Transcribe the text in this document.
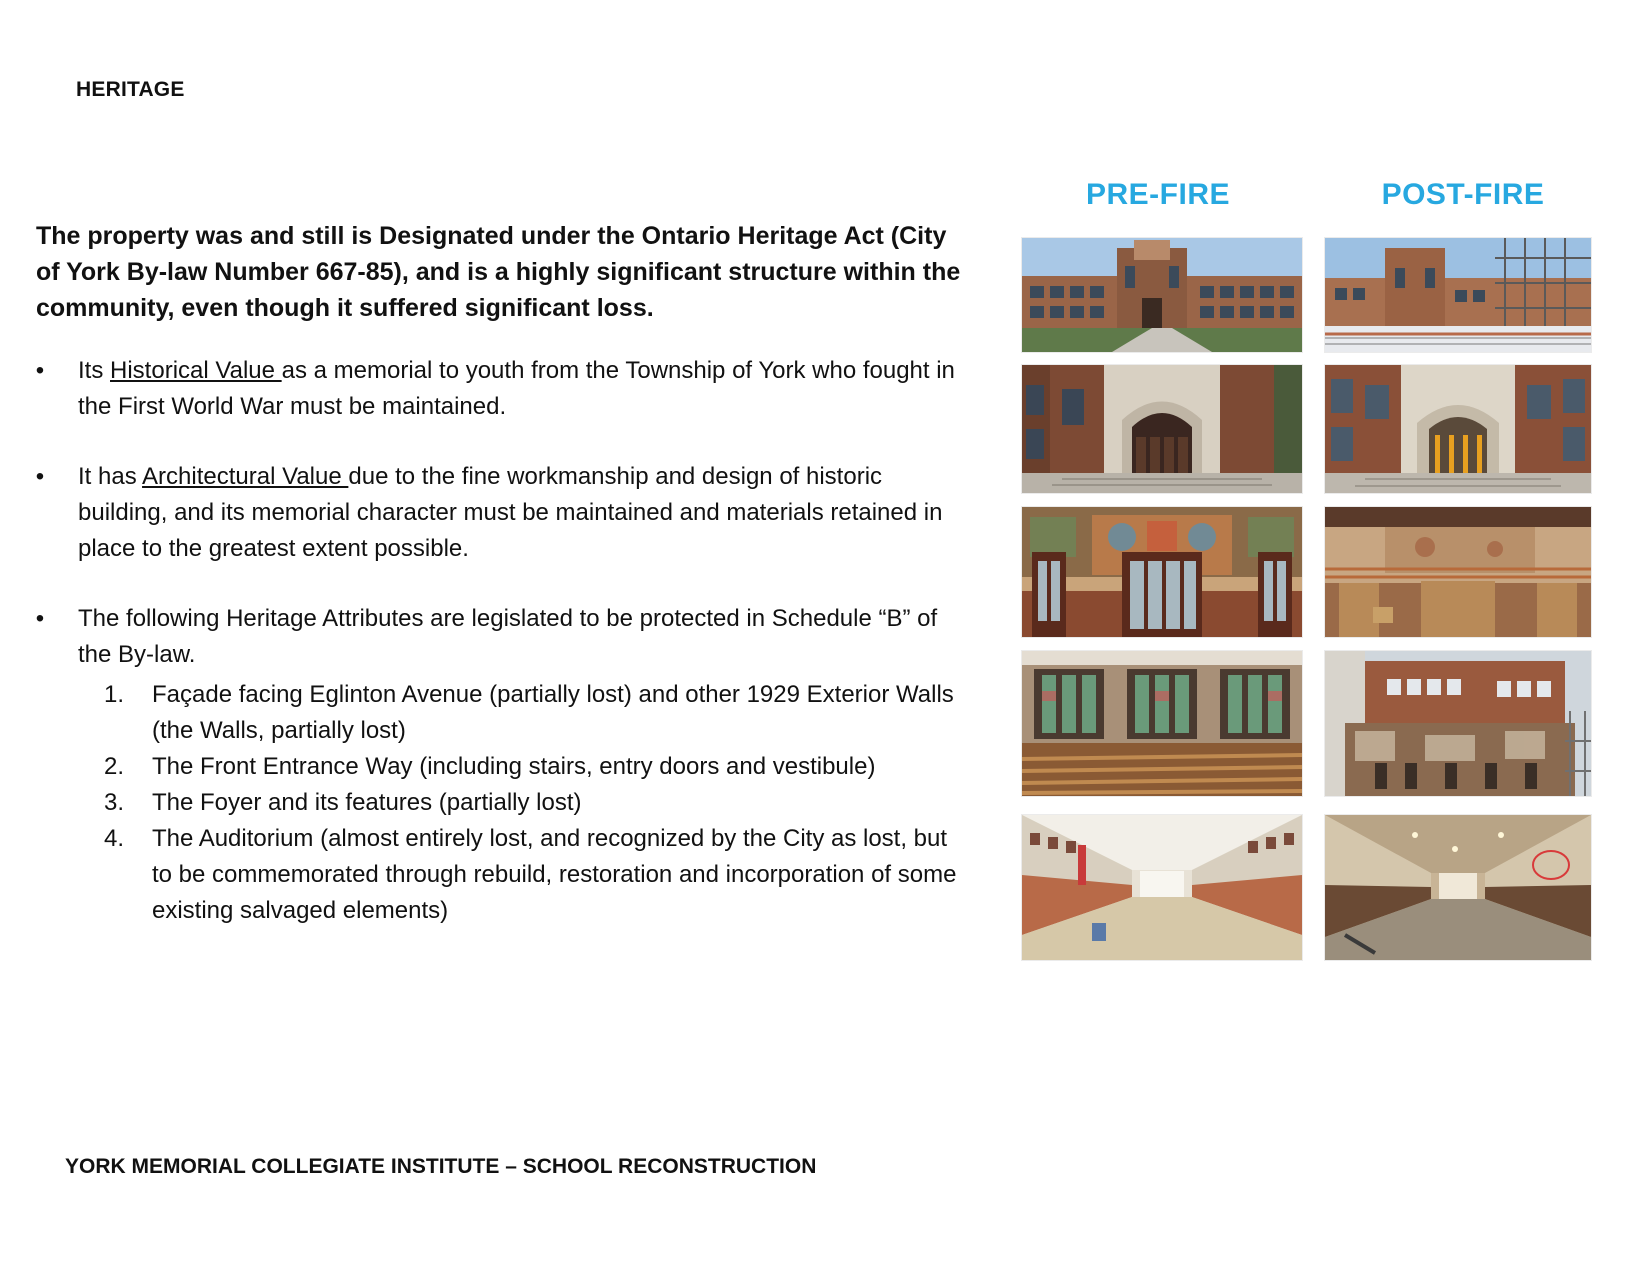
HERITAGE

The property was and still is Designated under the Ontario Heritage Act (City of York By-law Number 667-85), and is a highly significant structure within the community, even though it suffered significant loss.

• Its Historical Value as a memorial to youth from the Township of York who fought in the First World War must be maintained.
• It has Architectural Value due to the fine workmanship and design of historic building, and its memorial character must be maintained and materials retained in place to the greatest extent possible.
• The following Heritage Attributes are legislated to be protected in Schedule “B” of the By-law.
1.	Façade facing Eglinton Avenue (partially lost) and other 1929 Exterior Walls (the Walls, partially lost)
2.	The Front Entrance Way (including stairs, entry doors and vestibule)
3.	The Foyer and its features (partially lost)
4.	The Auditorium (almost entirely lost, and recognized by the City as lost, but to be commemorated through rebuild, restoration and incorporation of some existing salvaged elements)
PRE-FIRE	POST-FIRE
YORK MEMORIAL COLLEGIATE INSTITUTE – SCHOOL RECONSTRUCTION
